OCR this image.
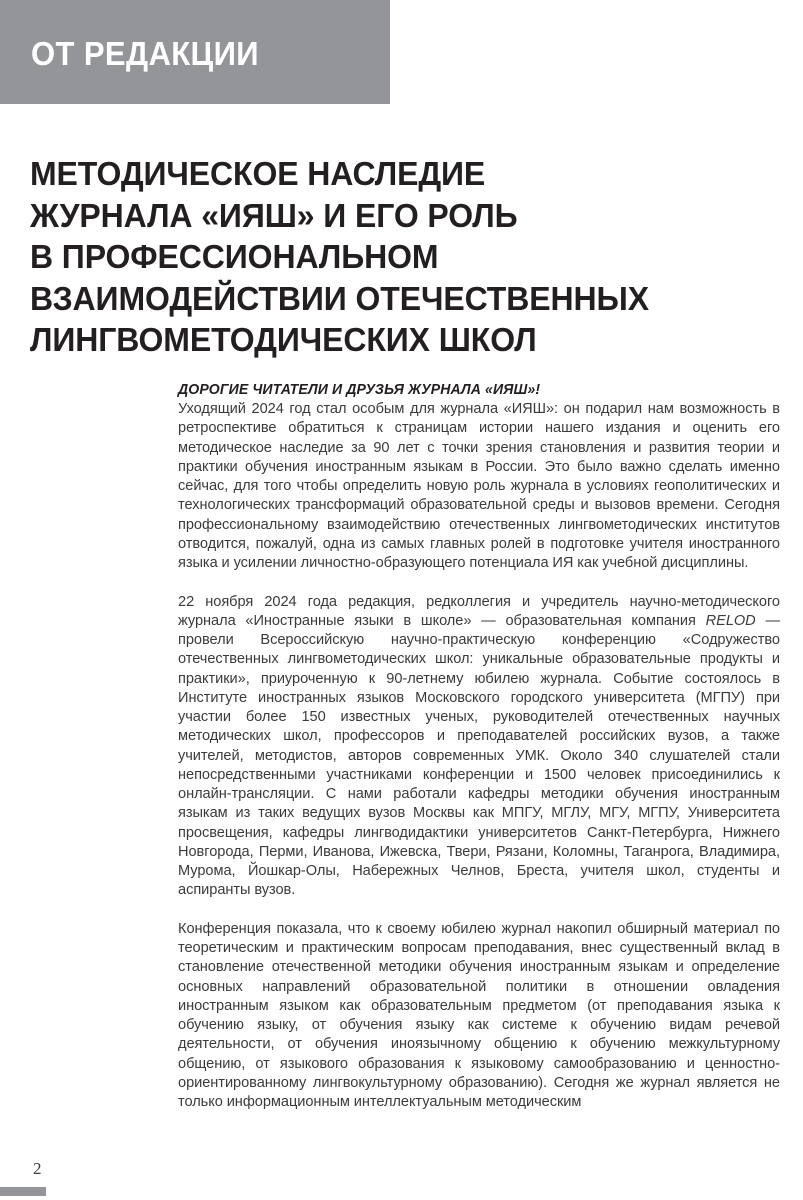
ОТ РЕДАКЦИИ
МЕТОДИЧЕСКОЕ НАСЛЕДИЕ
ЖУРНАЛА «ИЯШ» И ЕГО РОЛЬ
В ПРОФЕССИОНАЛЬНОМ
ВЗАИМОДЕЙСТВИИ ОТЕЧЕСТВЕННЫХ
ЛИНГВОМЕТОДИЧЕСКИХ ШКОЛ
ДОРОГИЕ ЧИТАТЕЛИ И ДРУЗЬЯ ЖУРНАЛА «ИЯШ»!

Уходящий 2024 год стал особым для журнала «ИЯШ»: он подарил нам возможность в ретроспективе обратиться к страницам истории нашего издания и оценить его методическое наследие за 90 лет с точки зрения становления и развития теории и практики обучения иностранным языкам в России. Это было важно сделать именно сейчас, для того чтобы определить новую роль журнала в условиях геополитических и технологических трансформаций образовательной среды и вызовов времени. Сегодня профессиональному взаимодействию отечественных лингвометодических институтов отводится, пожалуй, одна из самых главных ролей в подготовке учителя иностранного языка и усилении личностно-образующего потенциала ИЯ как учебной дисциплины.

22 ноября 2024 года редакция, редколлегия и учредитель научно-методического журнала «Иностранные языки в школе» — образовательная компания RELOD — провели Всероссийскую научно-практическую конференцию «Содружество отечественных лингвометодических школ: уникальные образовательные продукты и практики», приуроченную к 90-летнему юбилею журнала. Событие состоялось в Институте иностранных языков Московского городского университета (МГПУ) при участии более 150 известных ученых, руководителей отечественных научных методических школ, профессоров и преподавателей российских вузов, а также учителей, методистов, авторов современных УМК. Около 340 слушателей стали непосредственными участниками конференции и 1500 человек присоединились к онлайн-трансляции. С нами работали кафедры методики обучения иностранным языкам из таких ведущих вузов Москвы как МПГУ, МГЛУ, МГУ, МГПУ, Университета просвещения, кафедры лингводидактики университетов Санкт-Петербурга, Нижнего Новгорода, Перми, Иванова, Ижевска, Твери, Рязани, Коломны, Таганрога, Владимира, Мурома, Йошкар-Олы, Набережных Челнов, Бреста, учителя школ, студенты и аспиранты вузов.

Конференция показала, что к своему юбилею журнал накопил обширный материал по теоретическим и практическим вопросам преподавания, внес существенный вклад в становление отечественной методики обучения иностранным языкам и определение основных направлений образовательной политики в отношении овладения иностранным языком как образовательным предметом (от преподавания языка к обучению языку, от обучения языку как системе к обучению видам речевой деятельности, от обучения иноязычному общению к обучению межкультурному общению, от языкового образования к языковому самообразованию и ценностно-ориентированному лингвокультурному образованию). Сегодня же журнал является не только информационным интеллектуальным методическим

2
